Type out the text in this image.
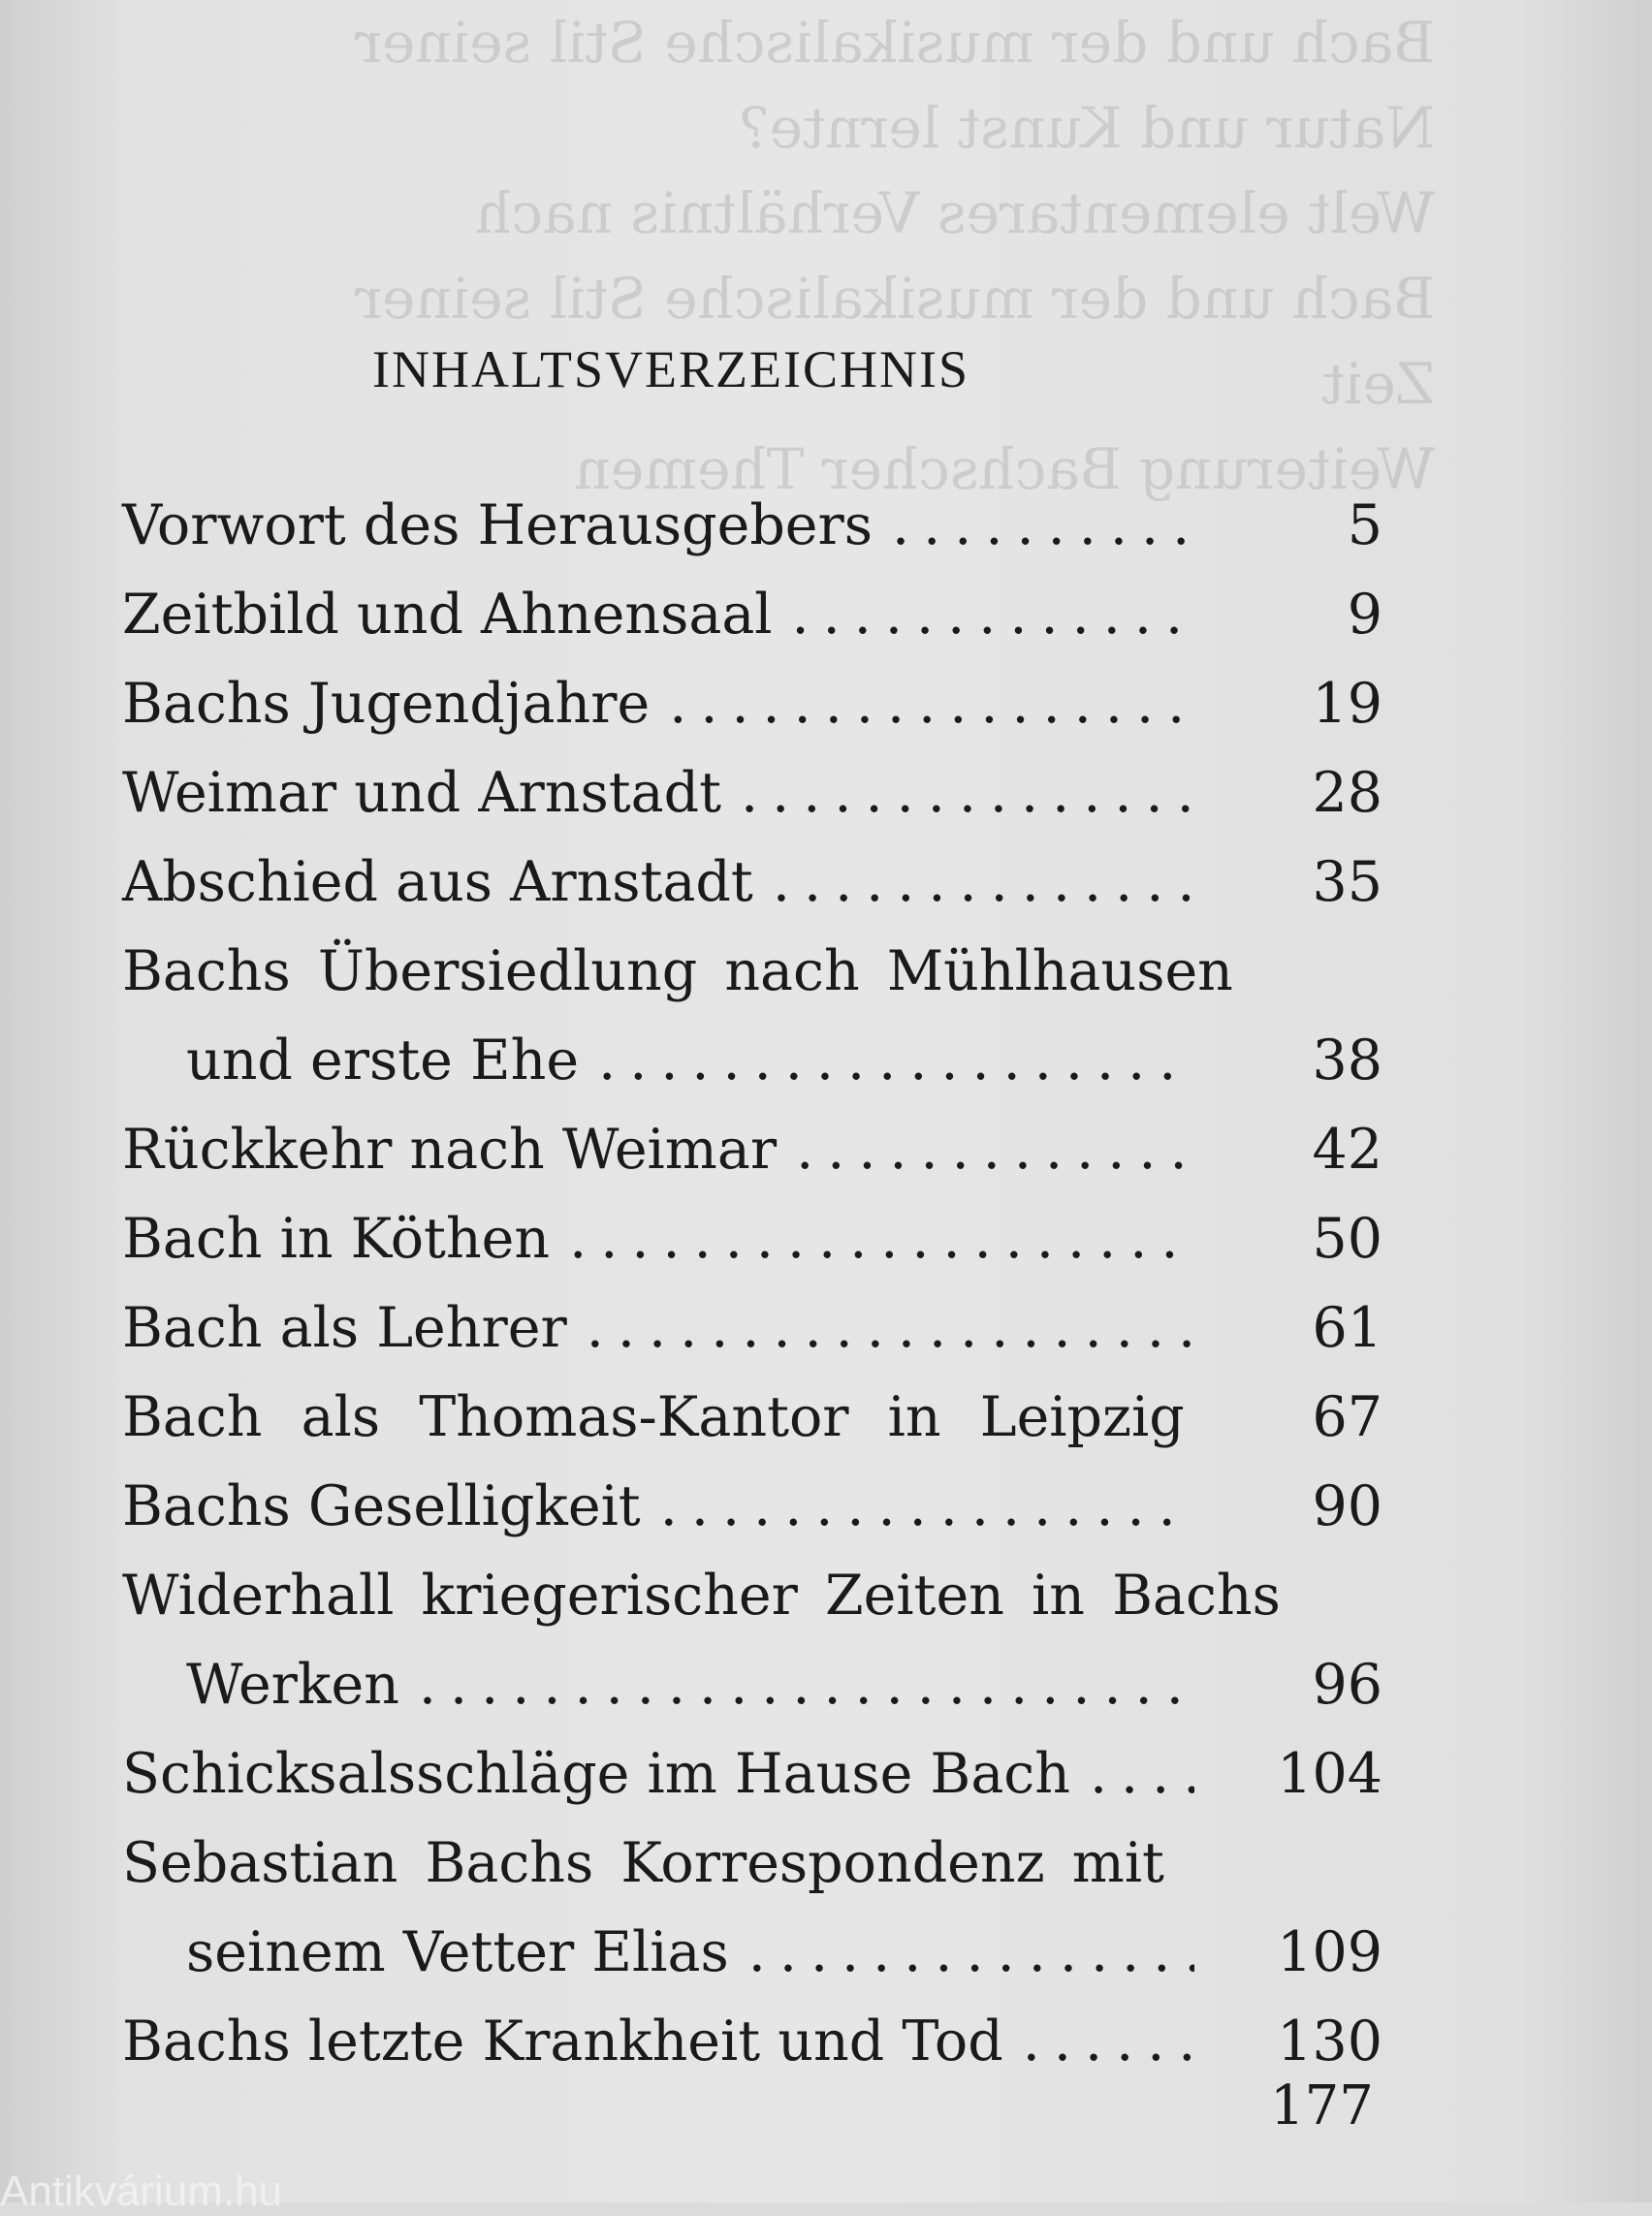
Bach und der musikalische Stil seiner
Natur und Kunst lernte?
Welt elementares Verhältnis nach
Bach und der musikalische Stil seiner
Zeit
Weiterung Bachscher Themen
INHALTSVERZEICHNIS
Vorwort des Herausgebers .....	5
Zeitbild und Ahnensaal .....	9
Bachs Jugendjahre .....	19
Weimar und Arnstadt .....	28
Abschied aus Arnstadt .....	35
Bachs Übersiedlung nach Mühlhausen
und erste Ehe .....	38
Rückkehr nach Weimar .....	42
Bach in Köthen .....	50
Bach als Lehrer .....	61
Bach als Thomas-Kantor in Leipzig	67
Bachs Geselligkeit .....	90
Widerhall kriegerischer Zeiten in Bachs
Werken .....	96
Schicksalsschläge im Hause Bach .....	104
Sebastian Bachs Korrespondenz mit
seinem Vetter Elias .....	109
Bachs letzte Krankheit und Tod .....	130
177
Antikvárium.hu
